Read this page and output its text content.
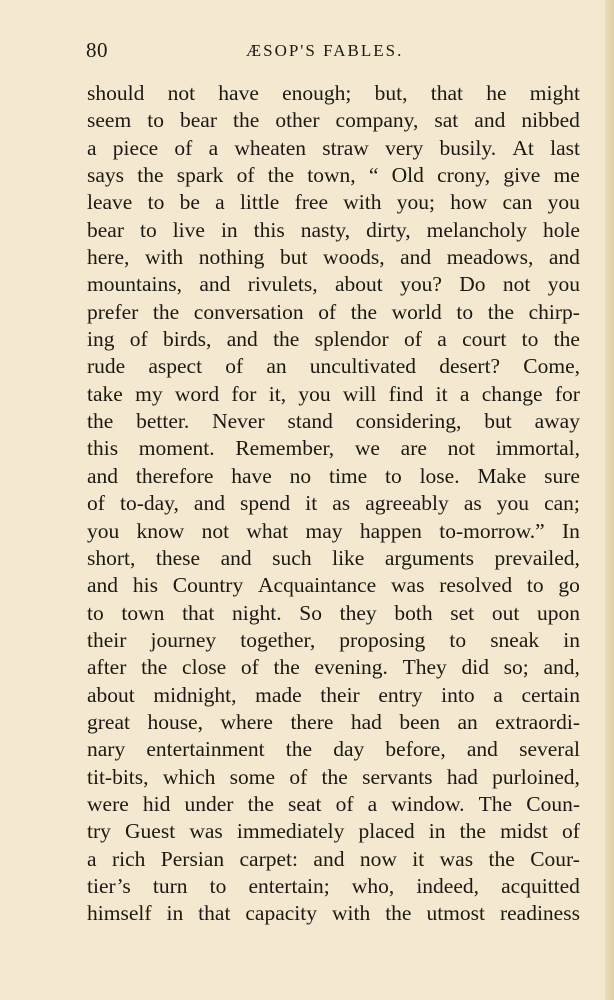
80	ÆSOP'S FABLES.
should not have enough; but, that he might
seem to bear the other company, sat and nibbed
a piece of a wheaten straw very busily. At last
says the spark of the town, “ Old crony, give me
leave to be a little free with you; how can you
bear to live in this nasty, dirty, melancholy hole
here, with nothing but woods, and meadows, and
mountains, and rivulets, about you? Do not you
prefer the conversation of the world to the chirp-
ing of birds, and the splendor of a court to the
rude aspect of an uncultivated desert? Come,
take my word for it, you will find it a change for
the better. Never stand considering, but away
this moment. Remember, we are not immortal,
and therefore have no time to lose. Make sure
of to-day, and spend it as agreeably as you can;
you know not what may happen to-morrow.” In
short, these and such like arguments prevailed,
and his Country Acquaintance was resolved to go
to town that night. So they both set out upon
their journey together, proposing to sneak in
after the close of the evening. They did so; and,
about midnight, made their entry into a certain
great house, where there had been an extraordi-
nary entertainment the day before, and several
tit-bits, which some of the servants had purloined,
were hid under the seat of a window. The Coun-
try Guest was immediately placed in the midst of
a rich Persian carpet: and now it was the Cour-
tier’s turn to entertain; who, indeed, acquitted
himself in that capacity with the utmost readiness
